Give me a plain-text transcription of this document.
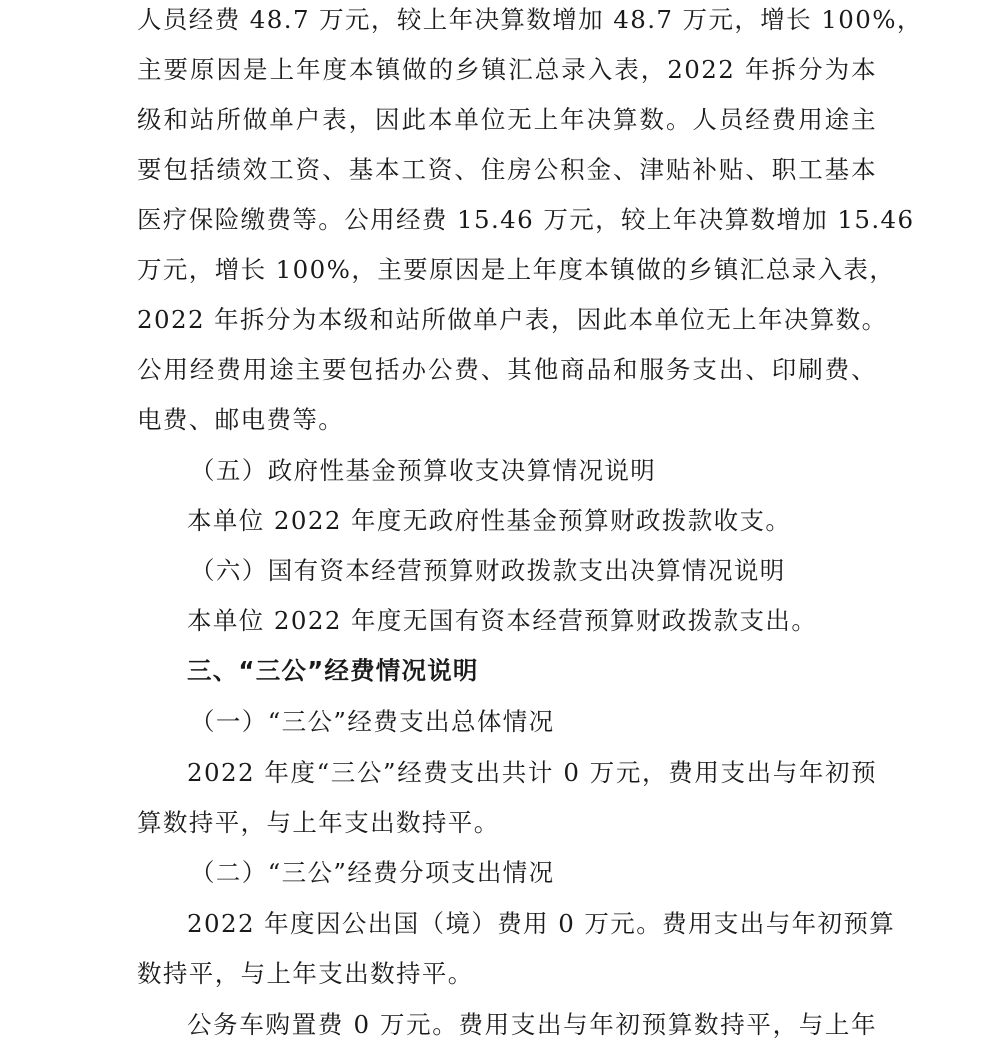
人员经费 48.7 万元，较上年决算数增加 48.7 万元，增长 100%，
主要原因是上年度本镇做的乡镇汇总录入表，2022 年拆分为本
级和站所做单户表，因此本单位无上年决算数。人员经费用途主
要包括绩效工资、基本工资、住房公积金、津贴补贴、职工基本
医疗保险缴费等。公用经费 15.46 万元，较上年决算数增加 15.46
万元，增长 100%，主要原因是上年度本镇做的乡镇汇总录入表，
2022 年拆分为本级和站所做单户表，因此本单位无上年决算数。
公用经费用途主要包括办公费、其他商品和服务支出、印刷费、
电费、邮电费等。
（五）政府性基金预算收支决算情况说明
本单位 2022 年度无政府性基金预算财政拨款收支。
（六）国有资本经营预算财政拨款支出决算情况说明
本单位 2022 年度无国有资本经营预算财政拨款支出。
三、“三公”经费情况说明
（一）“三公”经费支出总体情况
2022 年度“三公”经费支出共计 0 万元，费用支出与年初预
算数持平，与上年支出数持平。
（二）“三公”经费分项支出情况
2022 年度因公出国（境）费用 0 万元。费用支出与年初预算
数持平，与上年支出数持平。
公务车购置费 0 万元。费用支出与年初预算数持平，与上年
